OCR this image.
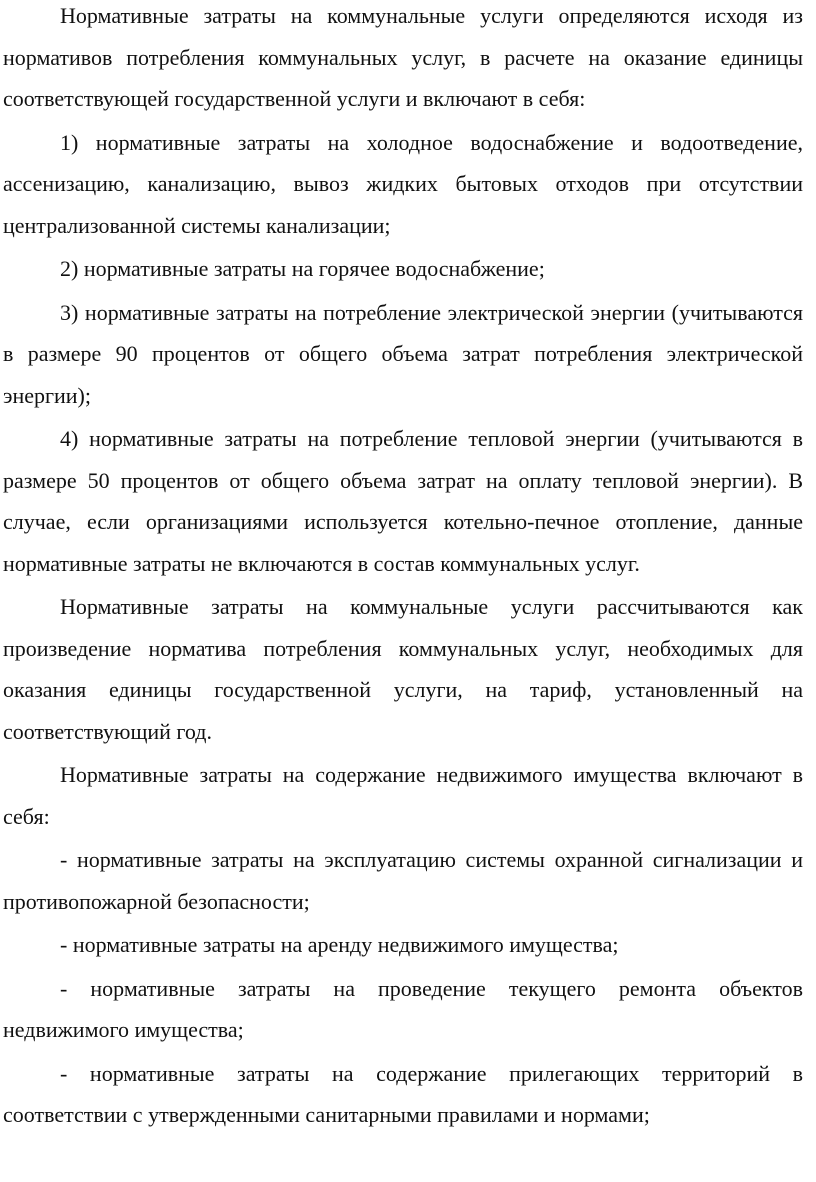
Нормативные затраты на коммунальные услуги определяются исходя из нормативов потребления коммунальных услуг, в расчете на оказание единицы соответствующей государственной услуги и включают в себя:

1) нормативные затраты на холодное водоснабжение и водоотведение, ассенизацию, канализацию, вывоз жидких бытовых отходов при отсутствии централизованной системы канализации;

2) нормативные затраты на горячее водоснабжение;

3) нормативные затраты на потребление электрической энергии (учитываются в размере 90 процентов от общего объема затрат потребления электрической энергии);

4) нормативные затраты на потребление тепловой энергии (учитываются в размере 50 процентов от общего объема затрат на оплату тепловой энергии). В случае, если организациями используется котельно-печное отопление, данные нормативные затраты не включаются в состав коммунальных услуг.

Нормативные затраты на коммунальные услуги рассчитываются как произведение норматива потребления коммунальных услуг, необходимых для оказания единицы государственной услуги, на тариф, установленный на соответствующий год.

Нормативные затраты на содержание недвижимого имущества включают в себя:

- нормативные затраты на эксплуатацию системы охранной сигнализации и противопожарной безопасности;

- нормативные затраты на аренду недвижимого имущества;

- нормативные затраты на проведение текущего ремонта объектов недвижимого имущества;

- нормативные затраты на содержание прилегающих территорий в соответствии с утвержденными санитарными правилами и нормами;
